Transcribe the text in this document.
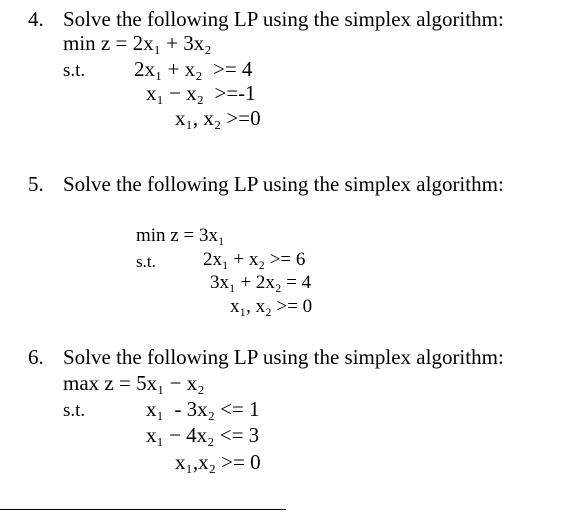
4. Solve the following LP using the simplex algorithm:
min z = 2x₁ + 3x₂
s.t. 2x₁ + x₂  >= 4
x₁ − x₂  >=-1
x₁, x₂ >=0
5. Solve the following LP using the simplex algorithm:
min z = 3x₁
s.t. 2x₁ + x₂ >= 6
3x₁ + 2x₂ = 4
x₁, x₂ >= 0
6. Solve the following LP using the simplex algorithm:
max z = 5x₁ − x₂
s.t.	x₁  - 3x₂ <= 1
x₁ − 4x₂ <= 3
x₁,x₂ >= 0
